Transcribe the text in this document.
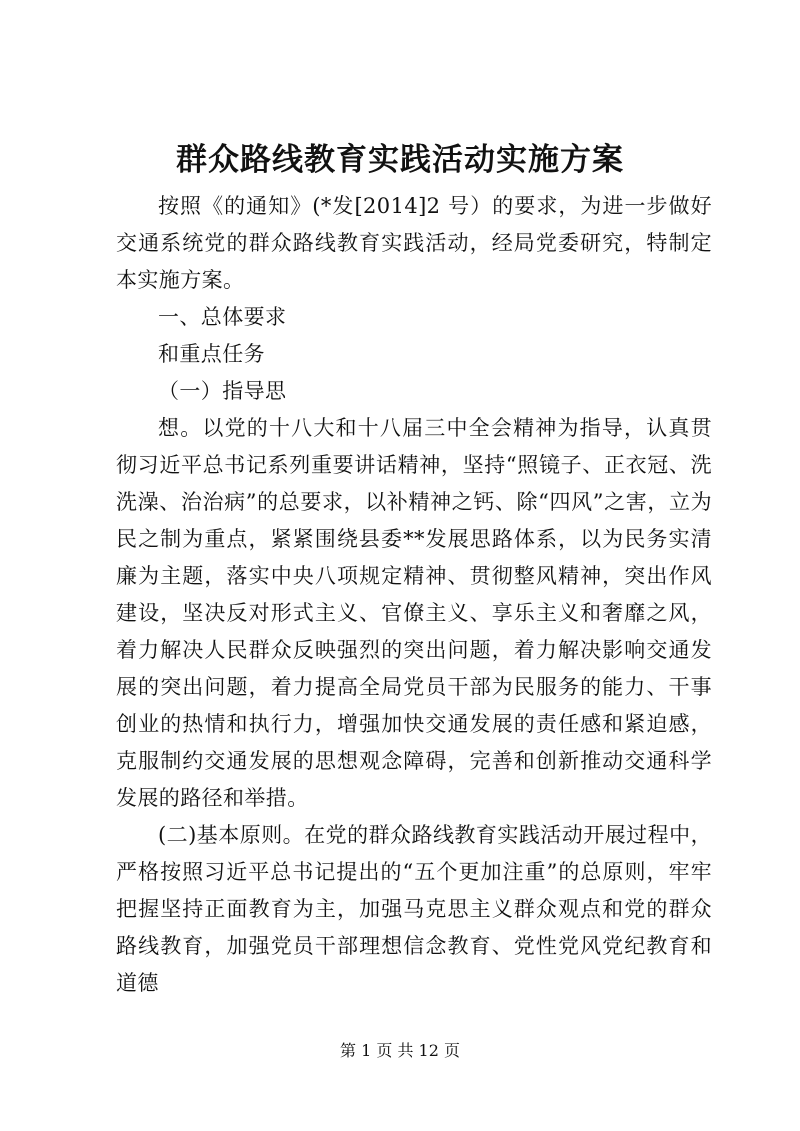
群众路线教育实践活动实施方案

按照《的通知》(*发[2014]2 号）的要求，为进一步做好交通系统党的群众路线教育实践活动，经局党委研究，特制定本实施方案。

一、总体要求

和重点任务

（一）指导思

想。以党的十八大和十八届三中全会精神为指导，认真贯彻习近平总书记系列重要讲话精神，坚持“照镜子、正衣冠、洗洗澡、治治病”的总要求，以补精神之钙、除“四风”之害，立为民之制为重点，紧紧围绕县委**发展思路体系，以为民务实清廉为主题，落实中央八项规定精神、贯彻整风精神，突出作风建设，坚决反对形式主义、官僚主义、享乐主义和奢靡之风，着力解决人民群众反映强烈的突出问题，着力解决影响交通发展的突出问题，着力提高全局党员干部为民服务的能力、干事创业的热情和执行力，增强加快交通发展的责任感和紧迫感，克服制约交通发展的思想观念障碍，完善和创新推动交通科学发展的路径和举措。

(二)基本原则。在党的群众路线教育实践活动开展过程中，严格按照习近平总书记提出的“五个更加注重”的总原则，牢牢把握坚持正面教育为主，加强马克思主义群众观点和党的群众路线教育，加强党员干部理想信念教育、党性党风党纪教育和道德

第 1 页 共 12 页
